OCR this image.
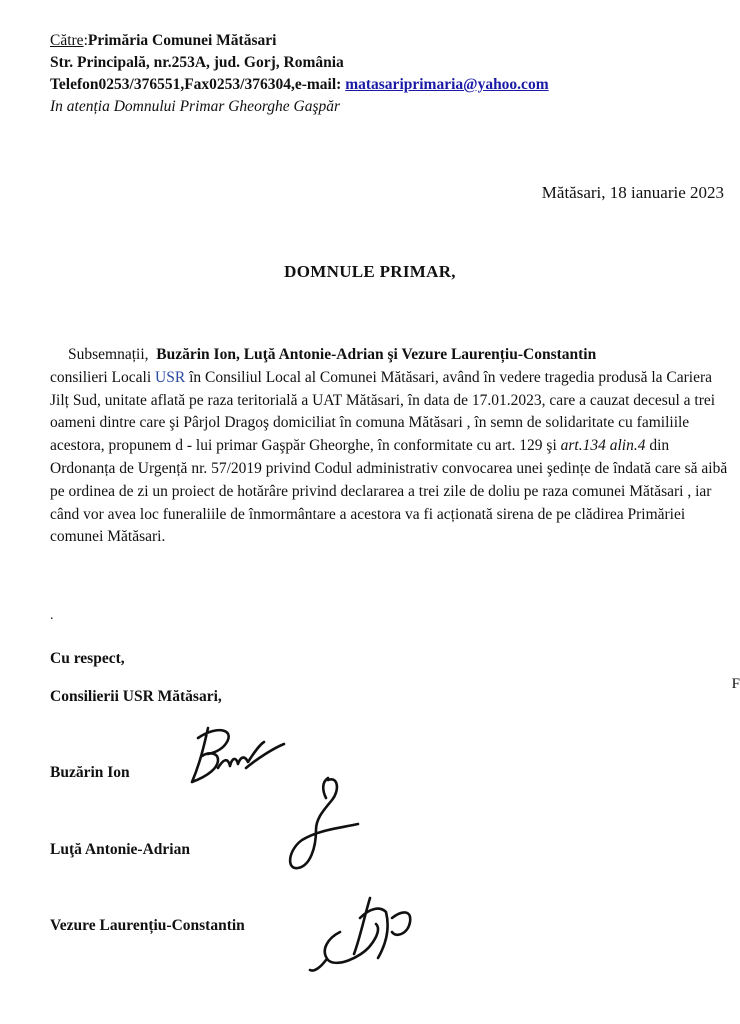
Către:Primăria Comunei Mătăsari
Str. Principală, nr.253A, jud. Gorj, România
Telefon0253/376551,Fax0253/376304,e-mail: matasariprimaria@yahoo.com
In atenția Domnului Primar Gheorghe Gaşpăr
Mătăsari, 18 ianuarie 2023
DOMNULE PRIMAR,

Subsemnații, Buzărin Ion, Luţă Antonie-Adrian şi Vezure Laurențiu-Constantin
consilieri Locali USR în Consiliul Local al Comunei Mătăsari, având în vedere tragedia produsă la Cariera Jilț Sud, unitate aflată pe raza teritorială a UAT Mătăsari, în data de 17.01.2023, care a cauzat decesul a trei oameni dintre care şi Pârjol Dragoş domiciliat în comuna Mătăsari , în semn de solidaritate cu familiile acestora, propunem d - lui primar Gaşpăr Gheorghe, în conformitate cu art. 129 şi art.134 alin.4 din Ordonanța de Urgență nr. 57/2019 privind Codul administrativ convocarea unei şedințe de îndată care să aibă pe ordinea de zi un proiect de hotărâre privind declararea a trei zile de doliu pe raza comunei Mătăsari , iar când vor avea loc funeraliile de înmormântare a acestora va fi acționată sirena de pe clădirea Primăriei comunei Mătăsari.

.
Cu respect,
Consilierii USR Mătăsari,
Buzărin Ion
Luţă Antonie-Adrian
Vezure Laurențiu-Constantin
F
